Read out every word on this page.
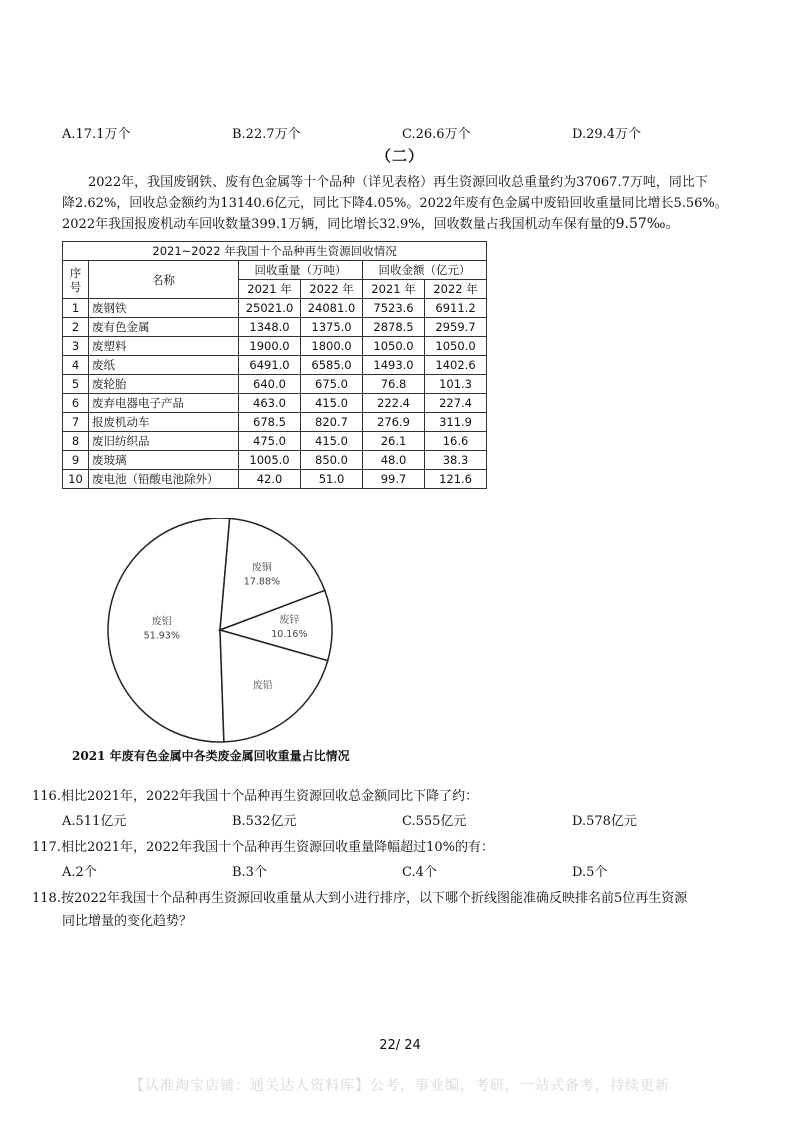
A.17.1万个	B.22.7万个	C.26.6万个	D.29.4万个
（二）
2022年，我国废钢铁、废有色金属等十个品种（详见表格）再生资源回收总重量约为37067.7万吨，同比下
降2.62%，回收总金额约为13140.6亿元，同比下降4.05%。2022年废有色金属中废铅回收重量同比增长5.56%。
2022年我国报废机动车回收数量399.1万辆，同比增长32.9%，回收数量占我国机动车保有量的9.57‰。
2021~2022 年我国十个品种再生资源回收情况					
序号	名称	回收重量（万吨）		回收金额（亿元）	
		2021 年	2022 年	2021 年	2022 年
1	废钢铁	25021.0	24081.0	7523.6	6911.2
2	废有色金属	1348.0	1375.0	2878.5	2959.7
3	废塑料	1900.0	1800.0	1050.0	1050.0
4	废纸	6491.0	6585.0	1493.0	1402.6
5	废轮胎	640.0	675.0	76.8	101.3
6	废弃电器电子产品	463.0	415.0	222.4	227.4
7	报废机动车	678.5	820.7	276.9	311.9
8	废旧纺织品	475.0	415.0	26.1	16.6
9	废玻璃	1005.0	850.0	48.0	38.3
10	废电池（铅酸电池除外）	42.0	51.0	99.7	121.6
废铝
51.93%
废铜
17.88%
废锌
10.16%
废铅
2021 年废有色金属中各类废金属回收重量占比情况
116.相比2021年，2022年我国十个品种再生资源回收总金额同比下降了约：
A.511亿元	B.532亿元	C.555亿元	D.578亿元
117.相比2021年，2022年我国十个品种再生资源回收重量降幅超过10%的有：
A.2个	B.3个	C.4个	D.5个
118.按2022年我国十个品种再生资源回收重量从大到小进行排序，以下哪个折线图能准确反映排名前5位再生资源
同比增量的变化趋势？
22/ 24
【认准淘宝店铺：通关达人资料库】公考，事业编，考研，一站式备考，持续更新
